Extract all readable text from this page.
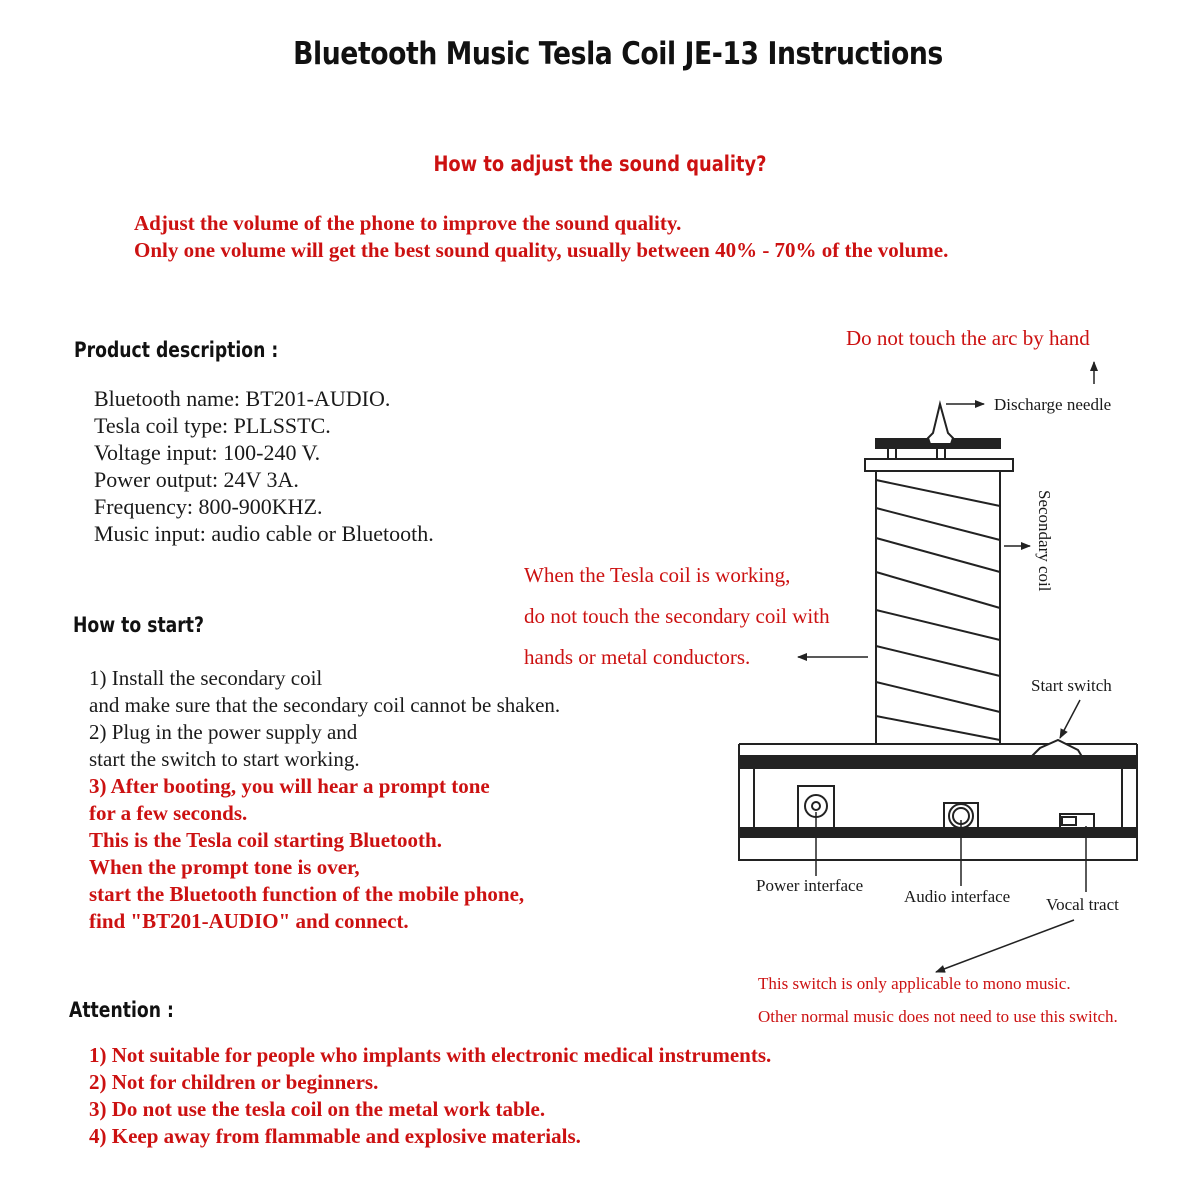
Bluetooth Music Tesla Coil JE-13 Instructions
How to adjust the sound quality?
Adjust the volume of the phone to improve the sound quality.
Only one volume will get the best sound quality, usually between 40% - 70% of the volume.
Product description :
Bluetooth name: BT201-AUDIO.
Tesla coil type: PLLSSTC.
Voltage input: 100-240 V.
Power output: 24V 3A.
Frequency: 800-900KHZ.
Music input: audio cable or Bluetooth.
How to start?
1) Install the secondary coil
and make sure that the secondary coil cannot be shaken.
2) Plug in the power supply and
start the switch to start working.
3) After booting, you will hear a prompt tone
for a few seconds.
This is the Tesla coil starting Bluetooth.
When the prompt tone is over,
start the Bluetooth function of the mobile phone,
find "BT201-AUDIO" and connect.
Attention :
1) Not suitable for people who implants with electronic medical instruments.
2) Not for children or beginners.
3) Do not use the tesla coil on the metal work table.
4) Keep away from flammable and explosive materials.
Do not touch the arc by hand
Discharge needle
Secondary coil
Start switch
Power interface
Audio interface Vocal tract
When the Tesla coil is working,
do not touch the secondary coil with
hands or metal conductors.
This switch is only applicable to mono music.
Other normal music does not need to use this switch.
